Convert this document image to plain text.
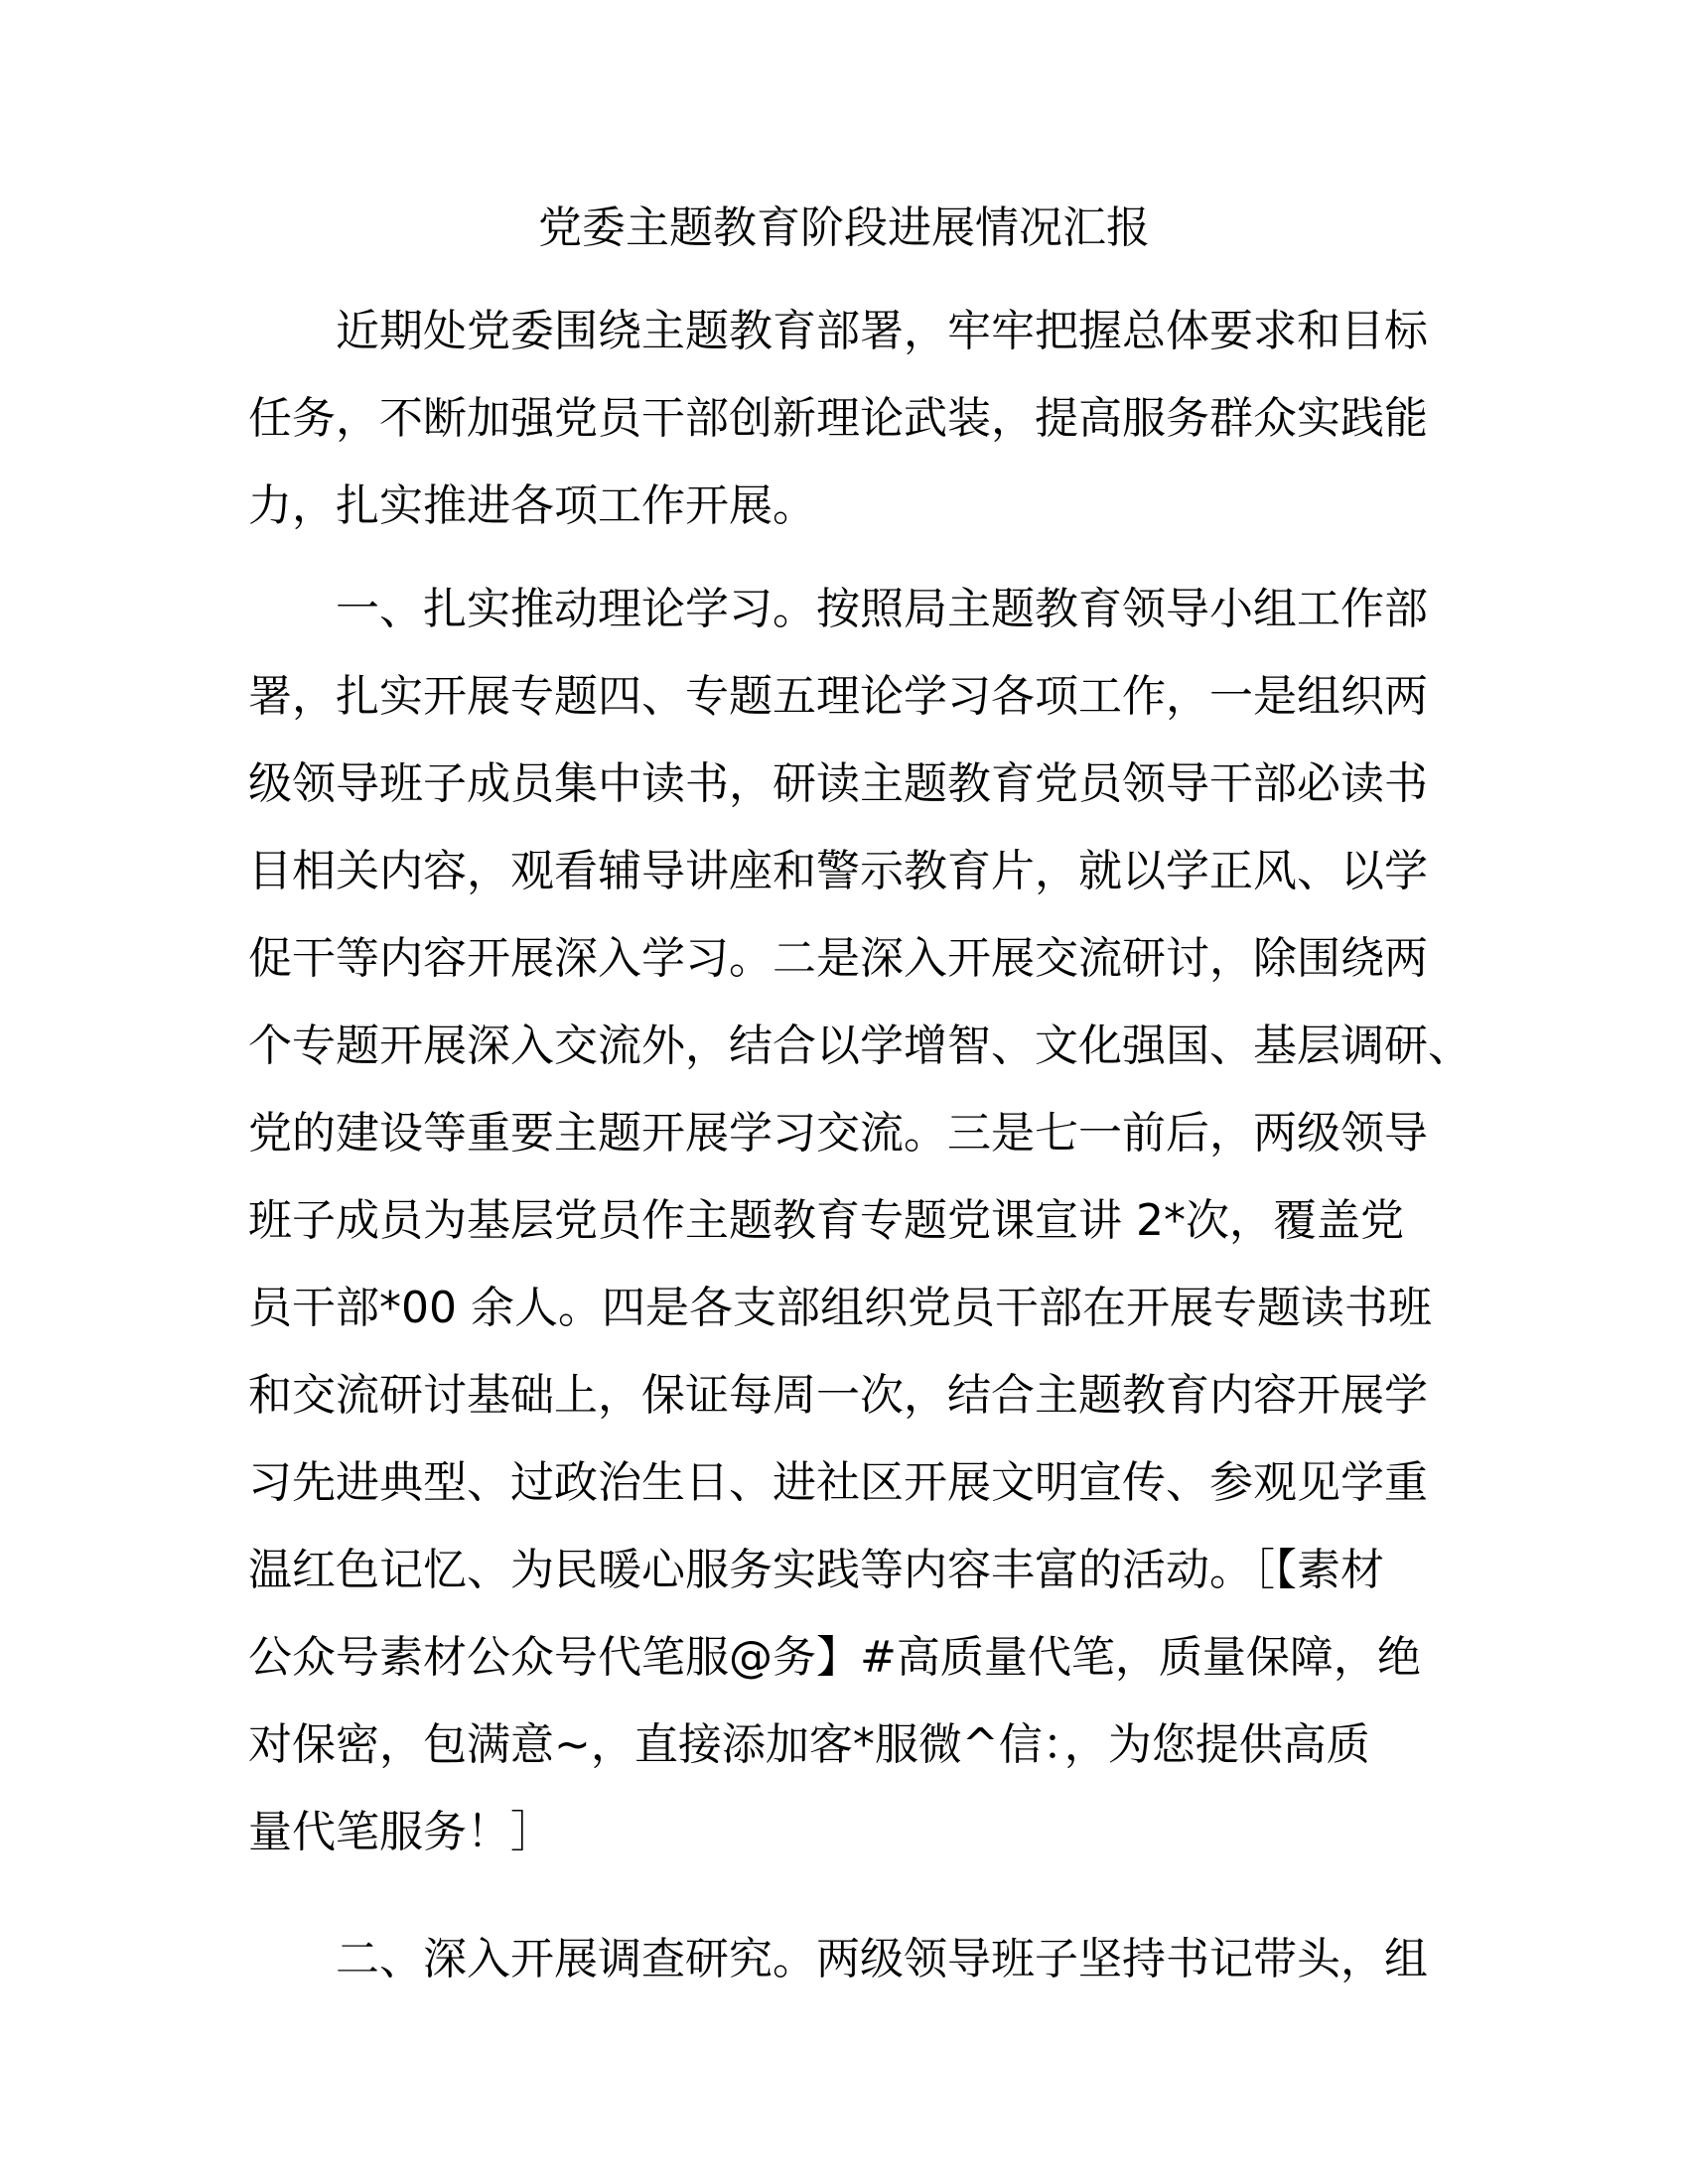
党委主题教育阶段进展情况汇报
近期处党委围绕主题教育部署，牢牢把握总体要求和目标
任务，不断加强党员干部创新理论武装，提高服务群众实践能
力，扎实推进各项工作开展。
一、扎实推动理论学习。按照局主题教育领导小组工作部
署，扎实开展专题四、专题五理论学习各项工作，一是组织两
级领导班子成员集中读书，研读主题教育党员领导干部必读书
目相关内容，观看辅导讲座和警示教育片，就以学正风、以学
促干等内容开展深入学习。二是深入开展交流研讨，除围绕两
个专题开展深入交流外，结合以学增智、文化强国、基层调研、
党的建设等重要主题开展学习交流。三是七一前后，两级领导
班子成员为基层党员作主题教育专题党课宣讲 2*次，覆盖党
员干部*00 余人。四是各支部组织党员干部在开展专题读书班
和交流研讨基础上，保证每周一次，结合主题教育内容开展学
习先进典型、过政治生日、进社区开展文明宣传、参观见学重
温红色记忆、为民暖心服务实践等内容丰富的活动。［【素材
公众号素材公众号代笔服@务】#高质量代笔，质量保障，绝
对保密，包满意~，直接添加客*服微^信：，为您提供高质
量代笔服务！］
二、深入开展调查研究。两级领导班子坚持书记带头，组
